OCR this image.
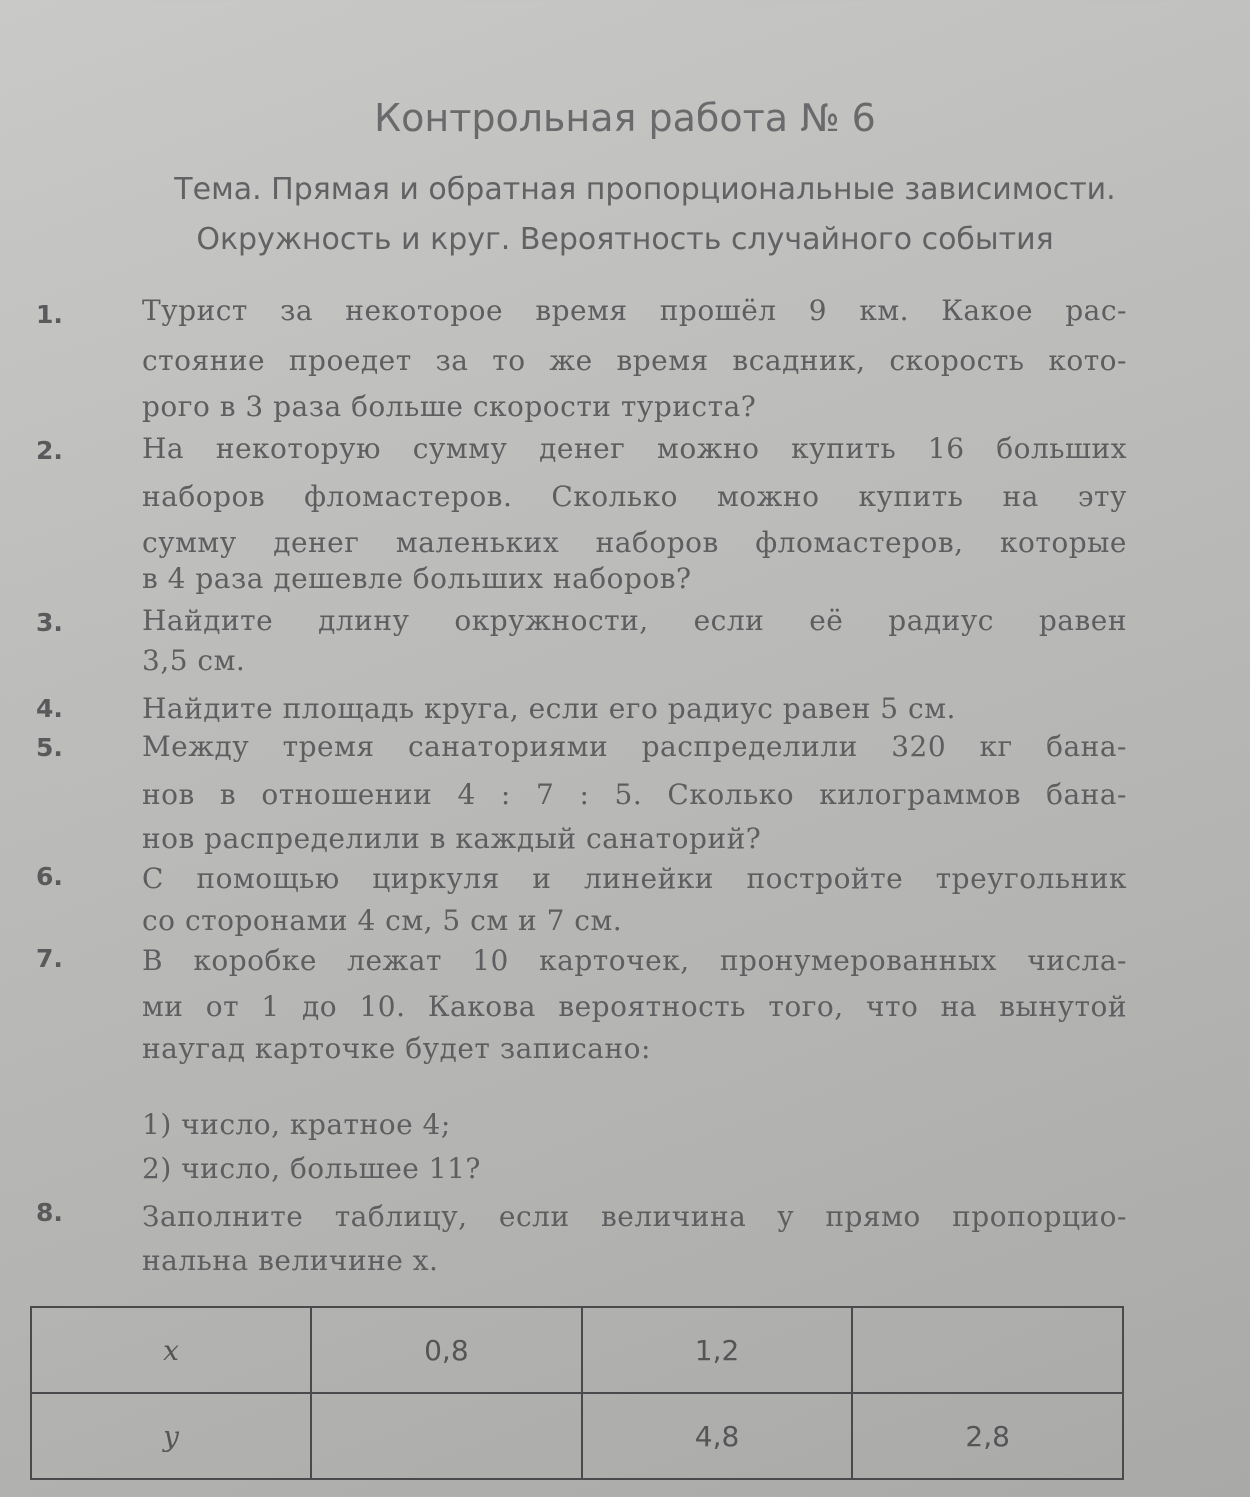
Контрольная работа № 6
Тема. Прямая и обратная пропорциональные зависимости.
Окружность и круг. Вероятность случайного события
1.	Турист за некоторое время прошёл 9 км. Какое рас-
стояние проедет за то же время всадник, скорость кото-
рого в 3 раза больше скорости туриста?
2.	На некоторую сумму денег можно купить 16 больших
наборов фломастеров. Сколько можно купить на эту
сумму денег маленьких наборов фломастеров, которые
в 4 раза дешевле больших наборов?
3.	Найдите длину окружности, если её радиус равен
3,5 см.
4.	Найдите площадь круга, если его радиус равен 5 см.
5.	Между тремя санаториями распределили 320 кг бана-
нов в отношении 4 : 7 : 5. Сколько килограммов бана-
нов распределили в каждый санаторий?
6.	С помощью циркуля и линейки постройте треугольник
со сторонами 4 см, 5 см и 7 см.
7.	В коробке лежат 10 карточек, пронумерованных числа-
ми от 1 до 10. Какова вероятность того, что на вынутой
наугад карточке будет записано:
1) число, кратное 4;
2) число, большее 11?
8.	Заполните таблицу, если величина y прямо пропорцио-
нальна величине x.
x	0,8	1,2	
y		4,8	2,8
